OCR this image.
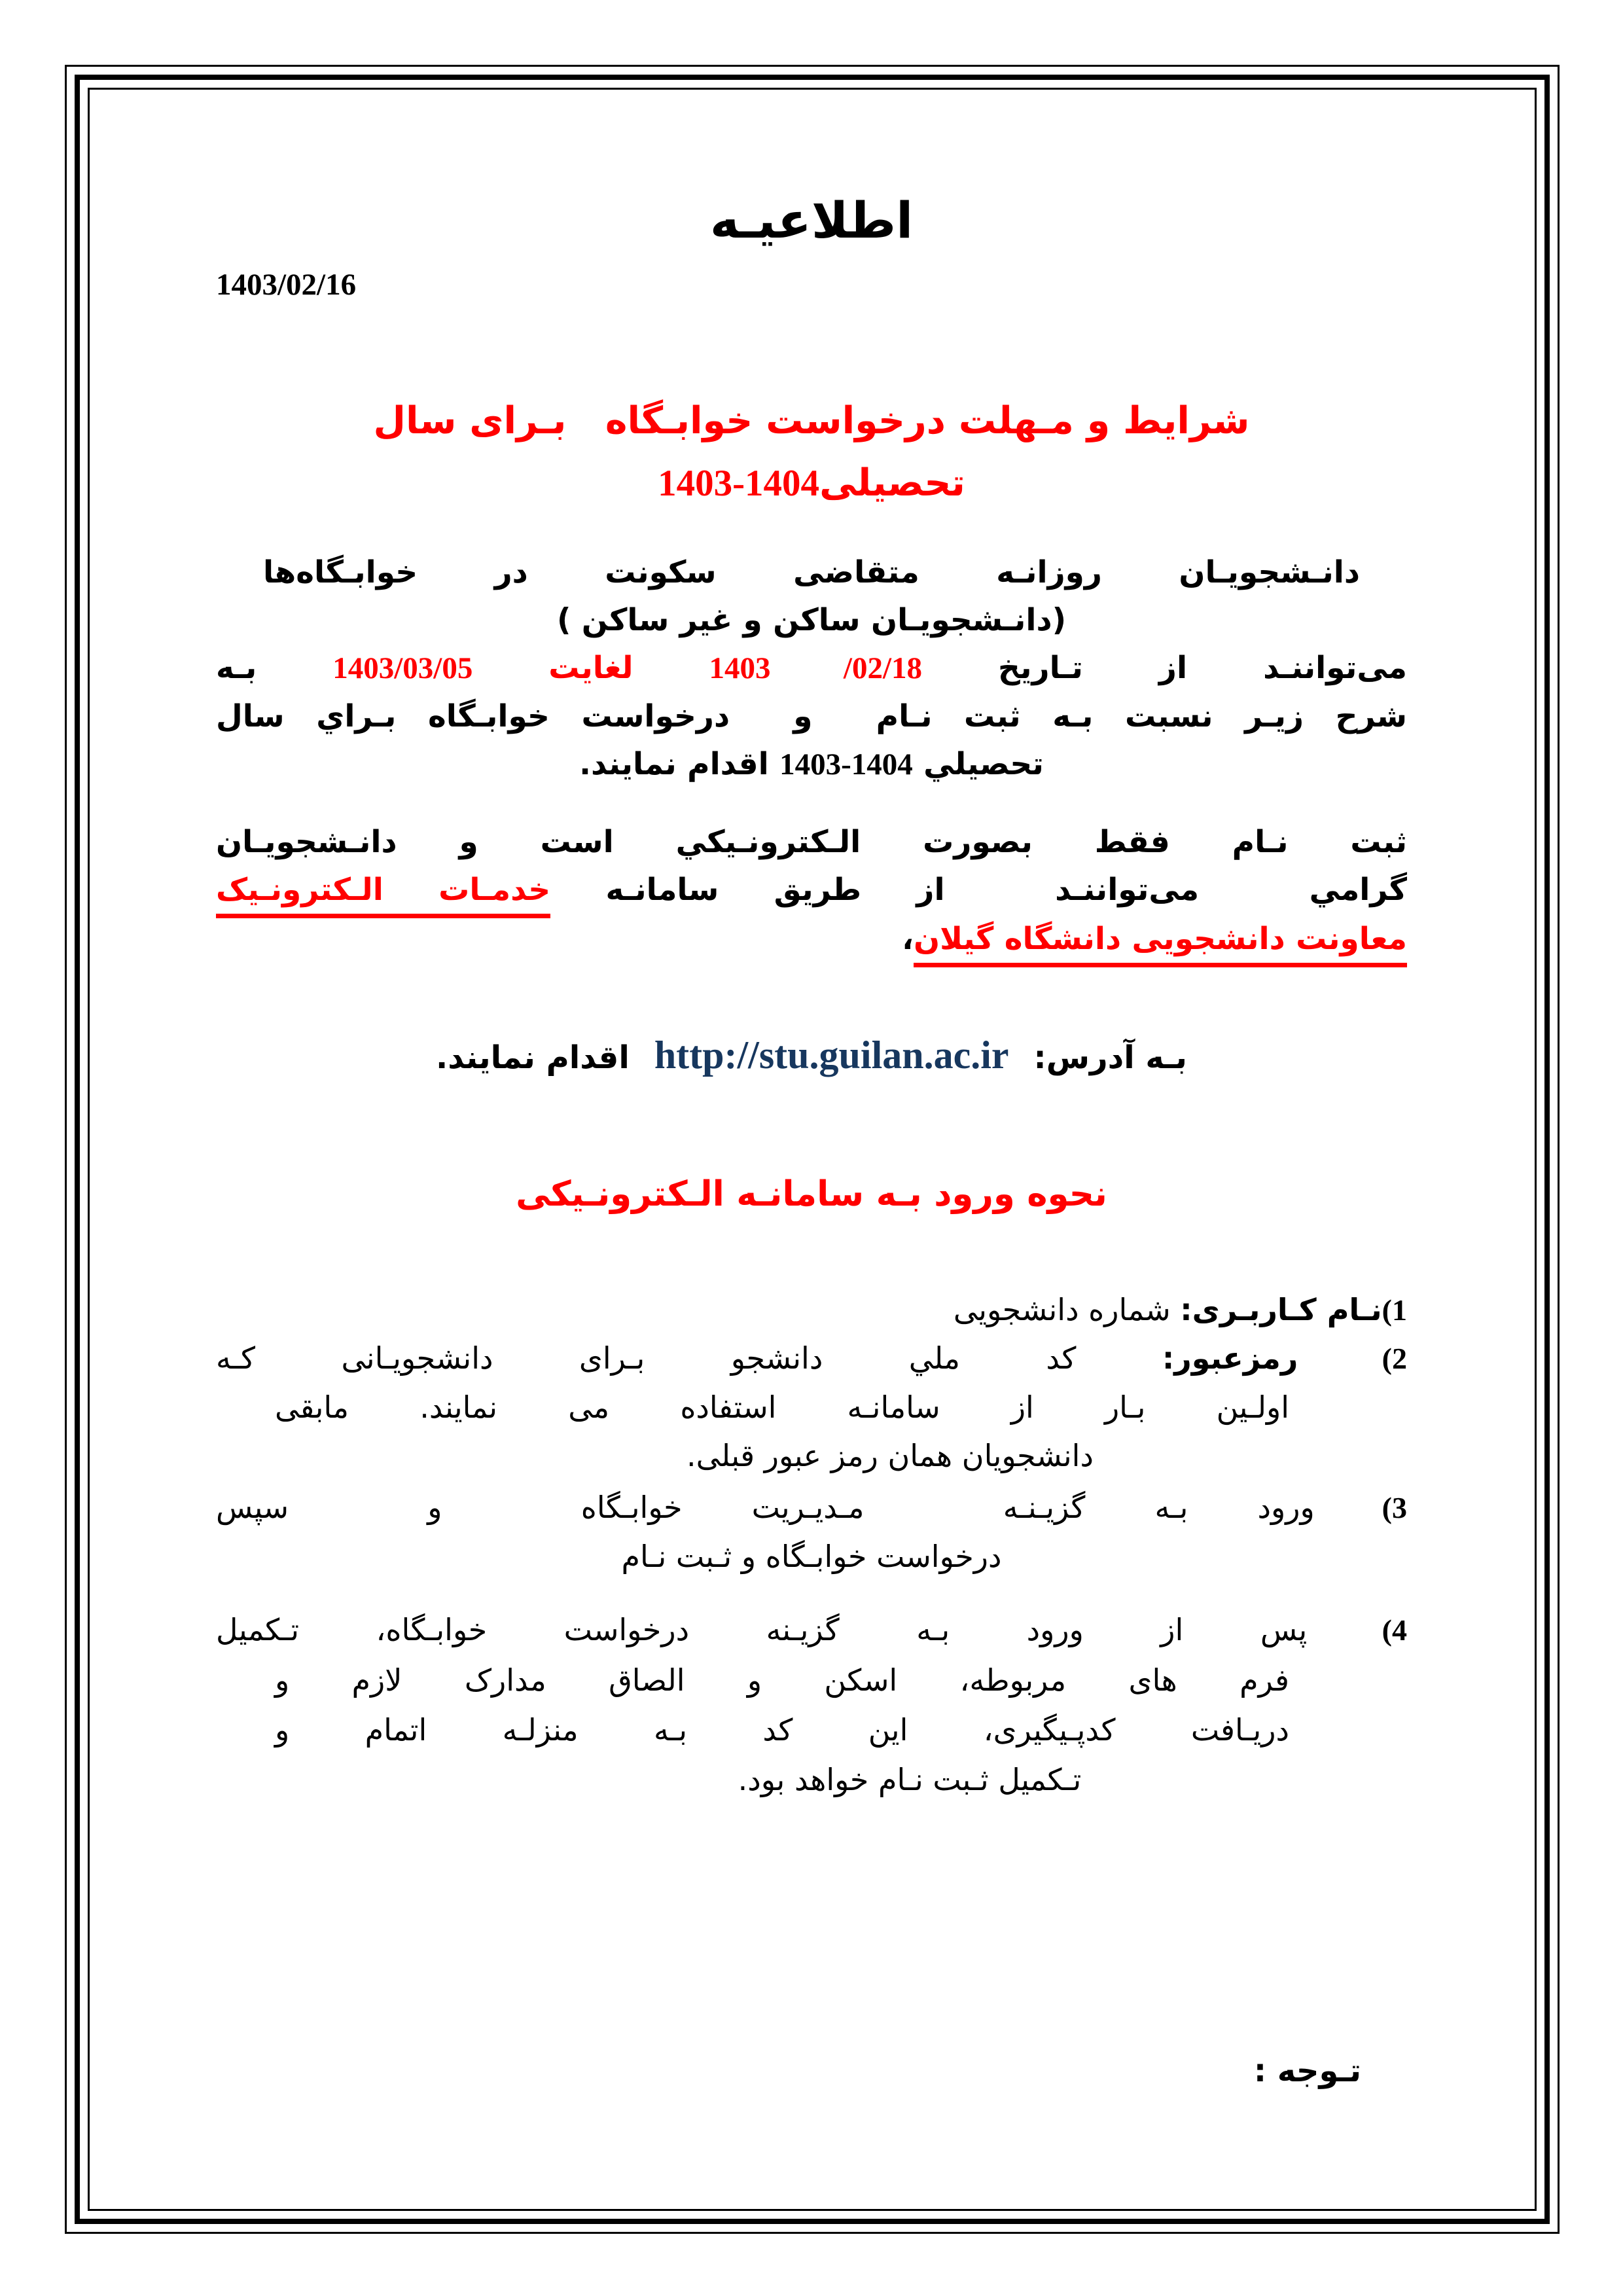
اطلاعيـه
1403/02/16
شرایط و مـهلت درخواست خوابـگاه   بـرای سال
تحصیلی1403-1404
دانـشجویـان روزانـه متقاضی سکونت در خوابـگاه‌ها
(دانـشجویـان ساکن و غیر ساکن )
می‌تواننـد از تـاریخ 02/18/ 1403 لغایت 1403/03/05 بـه
شرح زیـر نسبت بـه ثبت نـام  و  درخواست خوابـگاه بـراي سال
تحصيلي 1403-1404 اقدام نمایند.
ثبت نـام فقط بصورت الـکترونـیکي است و دانـشجویـان
گرامي  می‌تواننـد  از طریق سامانـه خدمـات الـکترونـیک
معاونت دانشجویی دانشگاه گیلان،
بـه آدرس:http://stu.guilan.ac.irاقدام نمایند.
نحوه ورود بـه سامانـه الـکترونـیکی
1)نـام کـاربـری: شماره دانشجویی
2) رمزعبور: کد ملي دانشجو بـرای دانشجویـانی کـه
اولـین بـار از سامانـه استفاده می نمایند. مابقی
دانشجویان همان رمز عبور قبلی.
3) ورود بـه گزیـنـه  مـدیـریت خوابـگاه  و  سپس
درخواست خوابـگاه و ثـبت نـام
4) پس از ورود بـه گزیـنه درخواست خوابـگاه، تـکمیل
فرم های مربوطه، اسکن و الصاق مدارک لازم و
دریـافت کدپـیگیری، این کد بـه منزلـه اتمام و
تـکمیل ثـبت نـام خواهد بود.
تـوجه :
